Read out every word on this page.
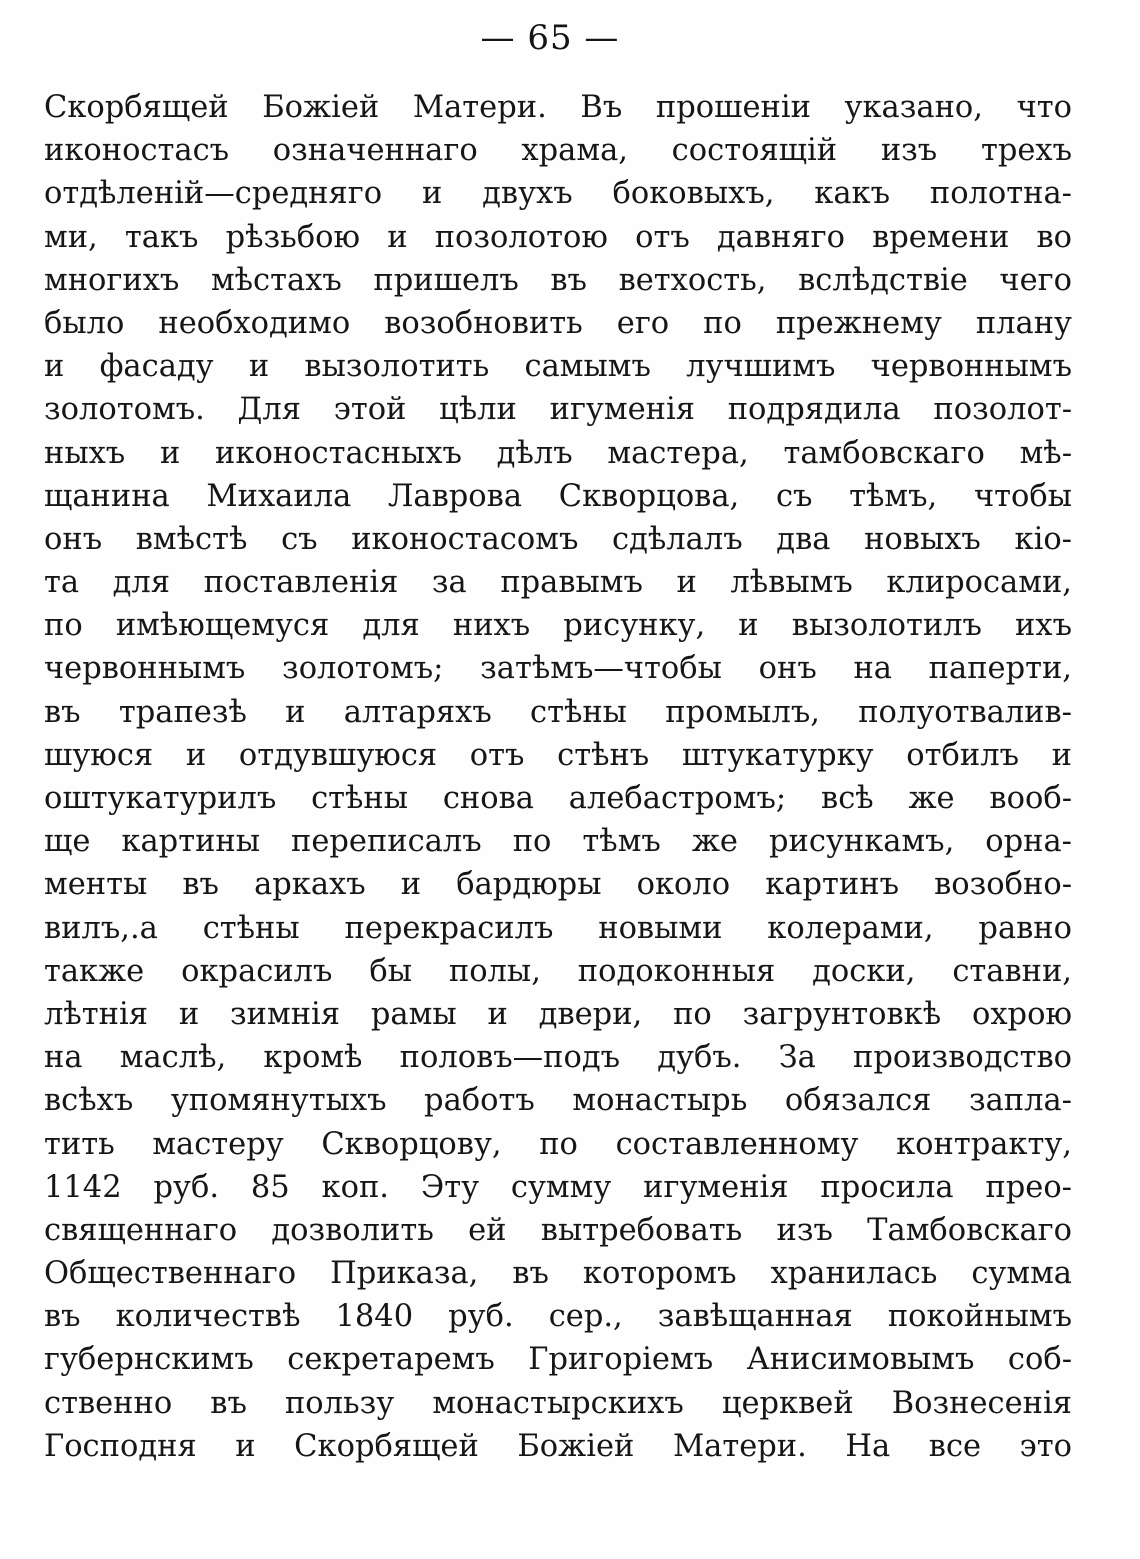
— 65 —
Скорбящей Божіей Матери. Въ прошеніи указано, что
иконостасъ означеннаго храма, состоящій изъ трехъ
отдѣленій—средняго и двухъ боковыхъ, какъ полотна-
ми, такъ рѣзьбою и позолотою отъ давняго времени во
многихъ мѣстахъ пришелъ въ ветхость, вслѣдствіе чего
было необходимо возобновить его по прежнему плану
и фасаду и вызолотить самымъ лучшимъ червоннымъ
золотомъ. Для этой цѣли игуменія подрядила позолот-
ныхъ и иконостасныхъ дѣлъ мастера, тамбовскаго мѣ-
щанина Михаила Лаврова Скворцова, съ тѣмъ, чтобы
онъ вмѣстѣ съ иконостасомъ сдѣлалъ два новыхъ кіо-
та для поставленія за правымъ и лѣвымъ клиросами,
по имѣющемуся для нихъ рисунку, и вызолотилъ ихъ
червоннымъ золотомъ; затѣмъ—чтобы онъ на паперти,
въ трапезѣ и алтаряхъ стѣны промылъ, полуотвалив-
шуюся и отдувшуюся отъ стѣнъ штукатурку отбилъ и
оштукатурилъ стѣны снова алебастромъ; всѣ же вооб-
ще картины переписалъ по тѣмъ же рисункамъ, орна-
менты въ аркахъ и бардюры около картинъ возобно-
вилъ,.а стѣны перекрасилъ новыми колерами, равно
также окрасилъ бы полы, подоконныя доски, ставни,
лѣтнія и зимнія рамы и двери, по загрунтовкѣ охрою
на маслѣ, кромѣ половъ—подъ дубъ. За производство
всѣхъ упомянутыхъ работъ монастырь обязался запла-
тить мастеру Скворцову, по составленному контракту,
1142 руб. 85 коп. Эту сумму игуменія просила прео-
священнаго дозволить ей вытребовать изъ Тамбовскаго
Общественнаго Приказа, въ которомъ хранилась сумма
въ количествѣ 1840 руб. сер., завѣщанная покойнымъ
губернскимъ секретаремъ Григоріемъ Анисимовымъ соб-
ственно въ пользу монастырскихъ церквей Вознесенія
Господня и Скорбящей Божіей Матери. На все это
